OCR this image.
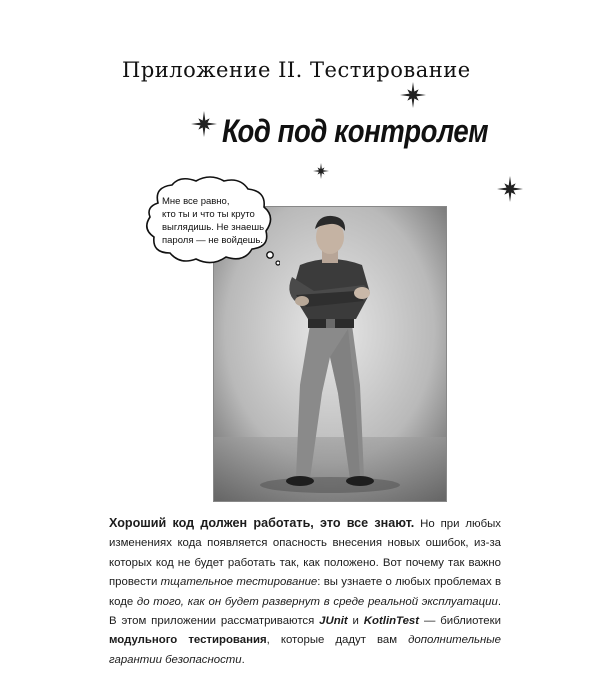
Приложение II. Тестирование
Код под контролем
Мне все равно,
кто ты и что ты круто
выглядишь. Не знаешь
пароля — не войдешь.
Хороший код должен работать, это все знают. Но при любых изменениях кода появляется опасность внесения новых ошибок, из-за которых код не будет работать так, как положено. Вот почему так важно провести тщательное тестирование: вы узнаете о любых проблемах в коде до того, как он будет развернут в среде реальной эксплуатации. В этом приложении рассматриваются JUnit и KotlinTest — библиотеки модульного тестирования, которые дадут вам дополнительные гарантии безопасности.
